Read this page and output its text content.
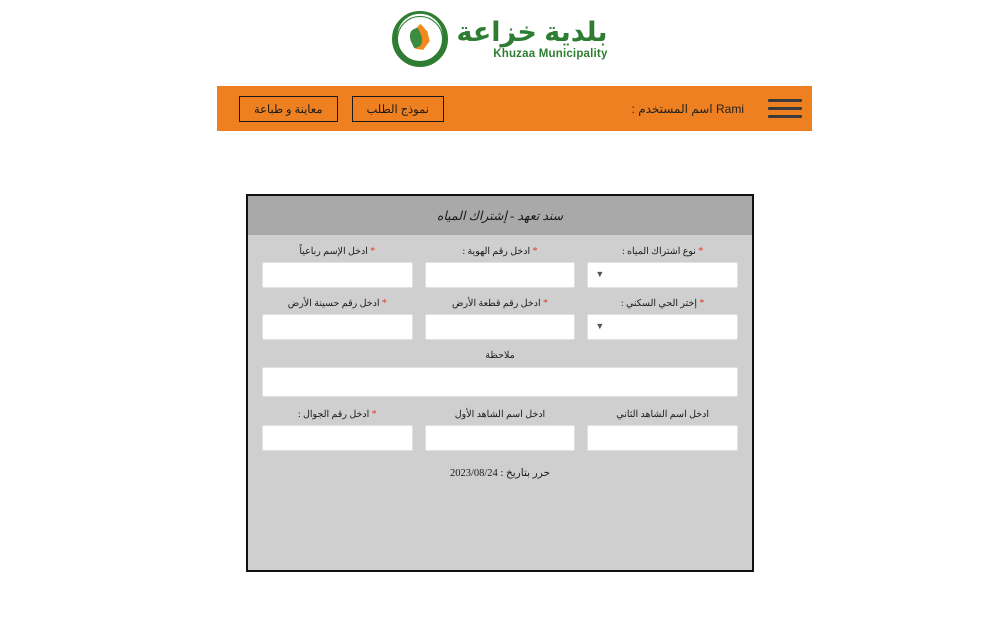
بلدية خزاعة
Khuzaa Municipality
Rami اسم المستخدم :
نموذج الطلب
معاينة و طباعة
سند تعهد - إشتراك المياه
* نوع اشتراك المياه :
▼
* ادخل رقم الهوية :
* ادخل الإسم رباعياً
* إختر الحي السكني :
▼
* ادخل رقم قطعة الأرض
* ادخل رقم حسينة الأرض
ملاحظة
ادخل اسم الشاهد الثاني
ادخل اسم الشاهد الأول
* ادخل رقم الجوال :
حرر بتاريخ : 2023/08/24
